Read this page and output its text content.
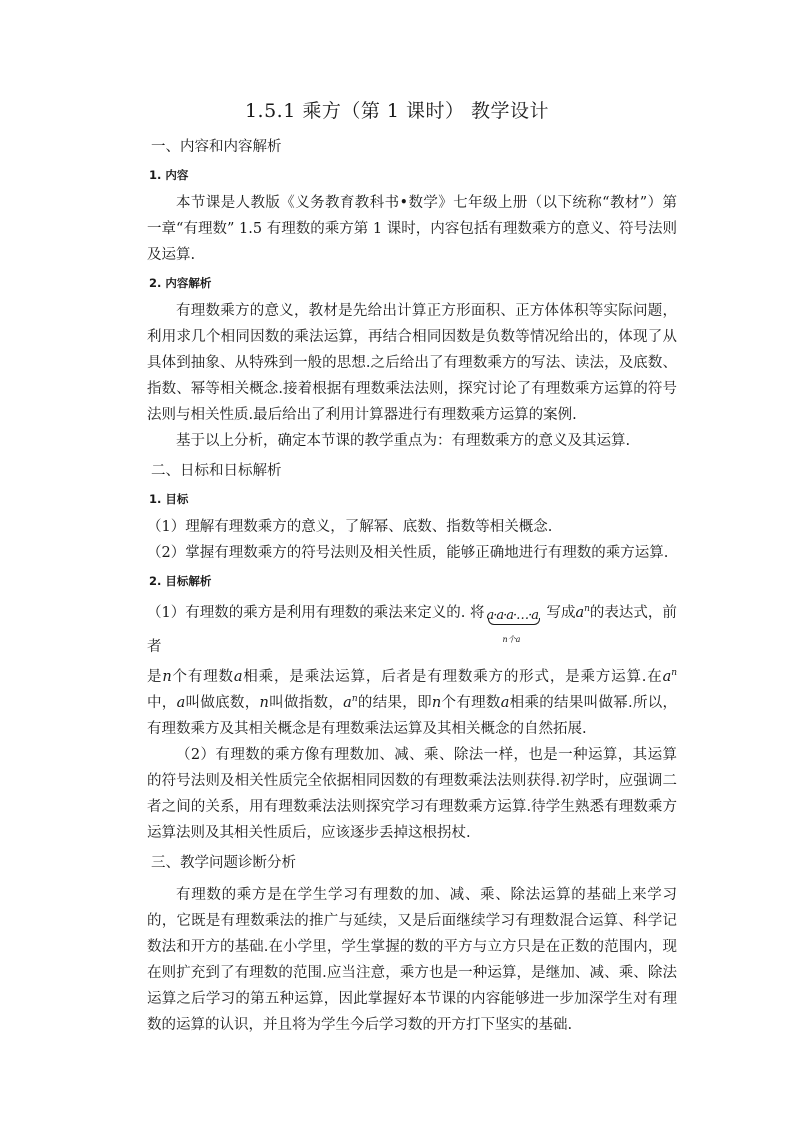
1.5.1 乘方（第 1 课时） 教学设计
一、内容和内容解析
1. 内容
本节课是人教版《义务教育教科书•数学》七年级上册（以下统称“教材”）第一章“有理数” 1.5 有理数的乘方第 1 课时，内容包括有理数乘方的意义、符号法则及运算.
2. 内容解析
有理数乘方的意义，教材是先给出计算正方形面积、正方体体积等实际问题，利用求几个相同因数的乘法运算，再结合相同因数是负数等情况给出的，体现了从具体到抽象、从特殊到一般的思想.之后给出了有理数乘方的写法、读法，及底数、指数、幂等相关概念.接着根据有理数乘法法则，探究讨论了有理数乘方运算的符号法则与相关性质.最后给出了利用计算器进行有理数乘方运算的案例.
基于以上分析，确定本节课的教学重点为：有理数乘方的意义及其运算.
二、日标和日标解析
1. 目标
（1）理解有理数乘方的意义，了解幂、底数、指数等相关概念.
（2）掌握有理数乘方的符号法则及相关性质，能够正确地进行有理数的乘方运算.
2. 目标解析
（1）有理数的乘方是利用有理数的乘法来定义的. 将 a·a·a·…·a
n个a
写成$a^n$的表达式，前者
是n个有理数a相乘，是乘法运算，后者是有理数乘方的形式，是乘方运算.在$a^n$中，a叫做底数，n叫做指数，$a^n$的结果，即n个有理数a相乘的结果叫做幂.所以，有理数乘方及其相关概念是有理数乘法运算及其相关概念的自然拓展.
（2）有理数的乘方像有理数加、减、乘、除法一样，也是一种运算，其运算的符号法则及相关性质完全依据相同因数的有理数乘法法则获得.初学时，应强调二者之间的关系，用有理数乘法法则探究学习有理数乘方运算.待学生熟悉有理数乘方运算法则及其相关性质后，应该逐步丢掉这根拐杖.
三、教学问题诊断分析
有理数的乘方是在学生学习有理数的加、减、乘、除法运算的基础上来学习的，它既是有理数乘法的推广与延续，又是后面继续学习有理数混合运算、科学记数法和开方的基础.在小学里，学生掌握的数的平方与立方只是在正数的范围内，现在则扩充到了有理数的范围.应当注意，乘方也是一种运算，是继加、减、乘、除法运算之后学习的第五种运算，因此掌握好本节课的内容能够进一步加深学生对有理数的运算的认识，并且将为学生今后学习数的开方打下坚实的基础.
